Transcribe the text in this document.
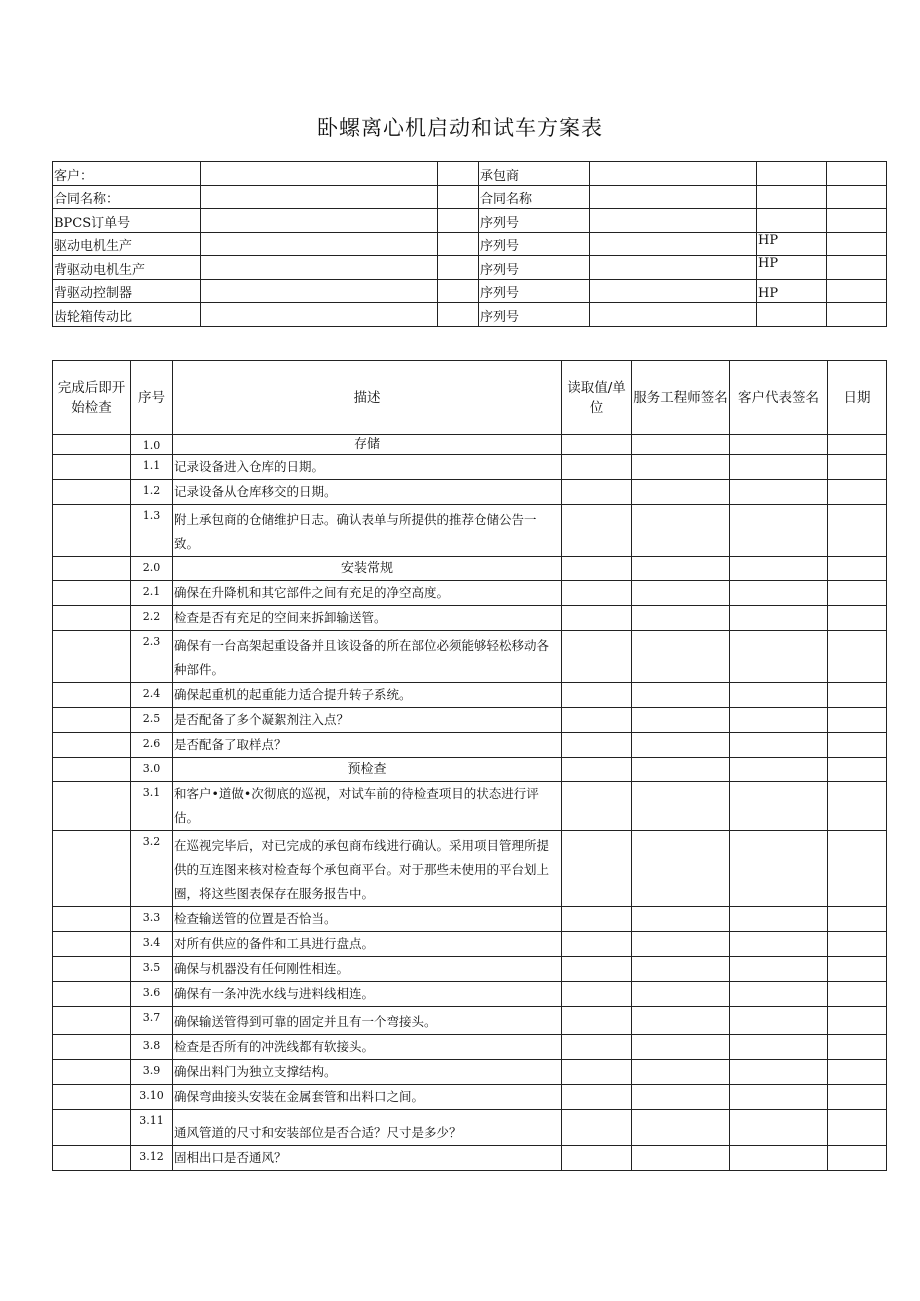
卧螺离心机启动和试车方案表
客户：			承包商			
合同名称：			合同名称			
BPCS订单号			序列号			
驱动电机生产			序列号		HP	
背驱动电机生产			序列号		HP	
背驱动控制器			序列号		HP	
齿轮箱传动比			序列号			
完成后即开始检查	序号	描述	读取值/单位	服务工程师签名	客户代表签名	日期
	1.0	存储				
	1.1	记录设备进入仓库的日期。				
	1.2	记录设备从仓库移交的日期。				
	1.3	附上承包商的仓储维护日志。确认表单与所提供的推荐仓储公告一致。				
	2.0	安装常规				
	2.1	确保在升降机和其它部件之间有充足的净空高度。				
	2.2	检查是否有充足的空间来拆卸输送管。				
	2.3	确保有一台高架起重设备并且该设备的所在部位必须能够轻松移动各种部件。				
	2.4	确保起重机的起重能力适合提升转子系统。				
	2.5	是否配备了多个凝絮剂注入点？				
	2.6	是否配备了取样点？				
	3.0	预检查				
	3.1	和客户•道做•次彻底的巡视，对试车前的待检查项目的状态进行评估。				
	3.2	在巡视完毕后，对已完成的承包商布线进行确认。采用项目管理所提供的互连图来核对检查每个承包商平台。对于那些未使用的平台划上圈，将这些图表保存在服务报告中。				
	3.3	检查输送管的位置是否恰当。				
	3.4	对所有供应的备件和工具进行盘点。				
	3.5	确保与机器没有任何刚性相连。				
	3.6	确保有一条冲洗水线与进料线相连。				
	3.7	确保输送管得到可靠的固定并且有一个弯接头。				
	3.8	检查是否所有的冲洗线都有软接头。				
	3.9	确保出料门为独立支撑结构。				
	3.10	确保弯曲接头安装在金属套管和出料口之间。				
	3.11	通风管道的尺寸和安装部位是否合适？尺寸是多少？				
	3.12	固相出口是否通风？				
